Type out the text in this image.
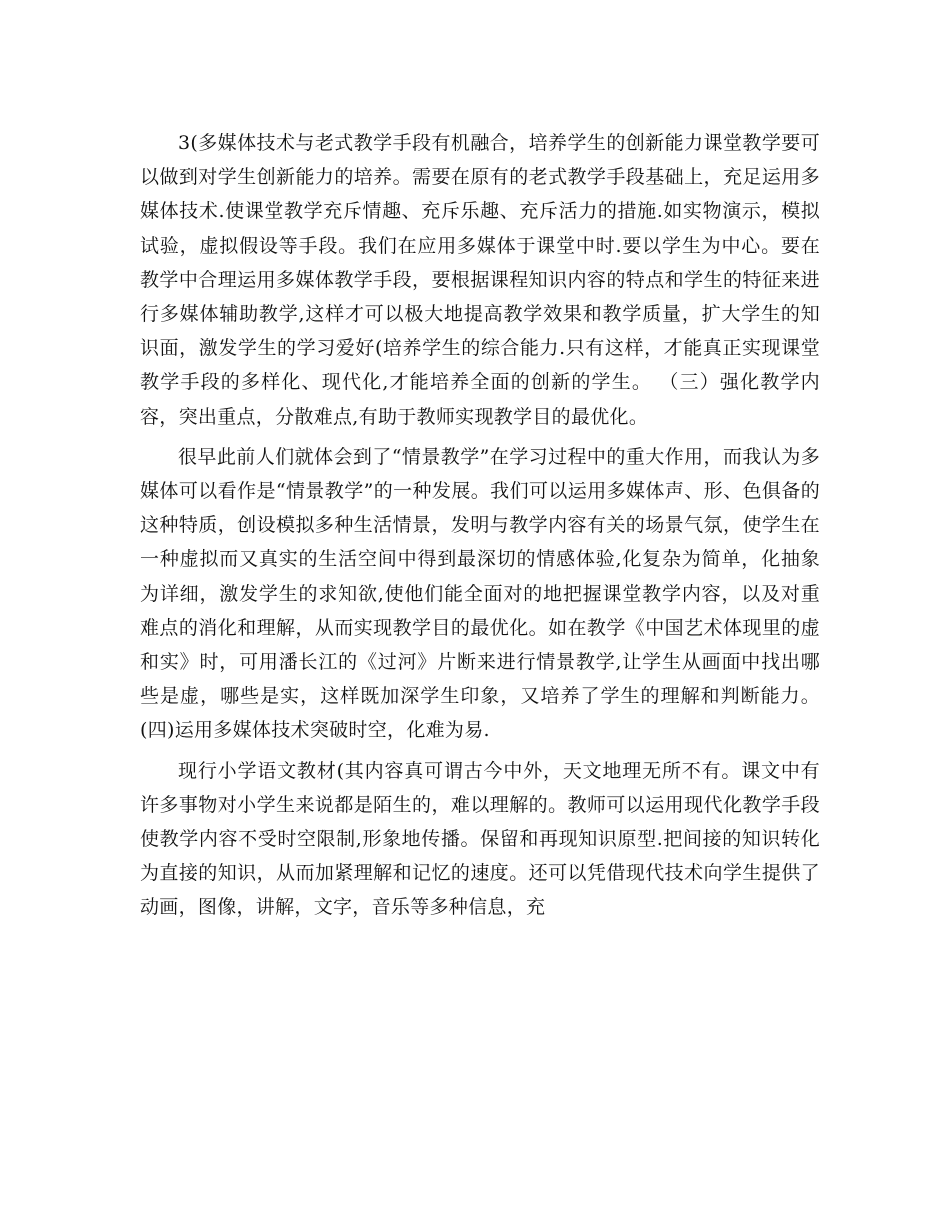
3(多媒体技术与老式教学手段有机融合，培养学生的创新能力课堂教学要可以做到对学生创新能力的培养。需要在原有的老式教学手段基础上，充足运用多媒体技术.使课堂教学充斥情趣、充斥乐趣、充斥活力的措施.如实物演示，模拟试验，虚拟假设等手段。我们在应用多媒体于课堂中时.要以学生为中心。要在教学中合理运用多媒体教学手段，要根据课程知识内容的特点和学生的特征来进行多媒体辅助教学,这样才可以极大地提高教学效果和教学质量，扩大学生的知识面，激发学生的学习爱好(培养学生的综合能力.只有这样，才能真正实现课堂教学手段的多样化、现代化,才能培养全面的创新的学生。 （三）强化教学内容，突出重点，分散难点,有助于教师实现教学目的最优化。

很早此前人们就体会到了“情景教学”在学习过程中的重大作用，而我认为多媒体可以看作是“情景教学”的一种发展。我们可以运用多媒体声、形、色俱备的这种特质，创设模拟多种生活情景，发明与教学内容有关的场景气氛，使学生在一种虚拟而又真实的生活空间中得到最深切的情感体验,化复杂为简单，化抽象为详细，激发学生的求知欲,使他们能全面对的地把握课堂教学内容，以及对重难点的消化和理解，从而实现教学目的最优化。如在教学《中国艺术体现里的虚和实》时，可用潘长江的《过河》片断来进行情景教学,让学生从画面中找出哪些是虚，哪些是实，这样既加深学生印象，又培养了学生的理解和判断能力。 (四)运用多媒体技术突破时空，化难为易.

现行小学语文教材(其内容真可谓古今中外，天文地理无所不有。课文中有许多事物对小学生来说都是陌生的，难以理解的。教师可以运用现代化教学手段使教学内容不受时空限制,形象地传播。保留和再现知识原型.把间接的知识转化为直接的知识，从而加紧理解和记忆的速度。还可以凭借现代技术向学生提供了动画，图像，讲解，文字，音乐等多种信息，充
